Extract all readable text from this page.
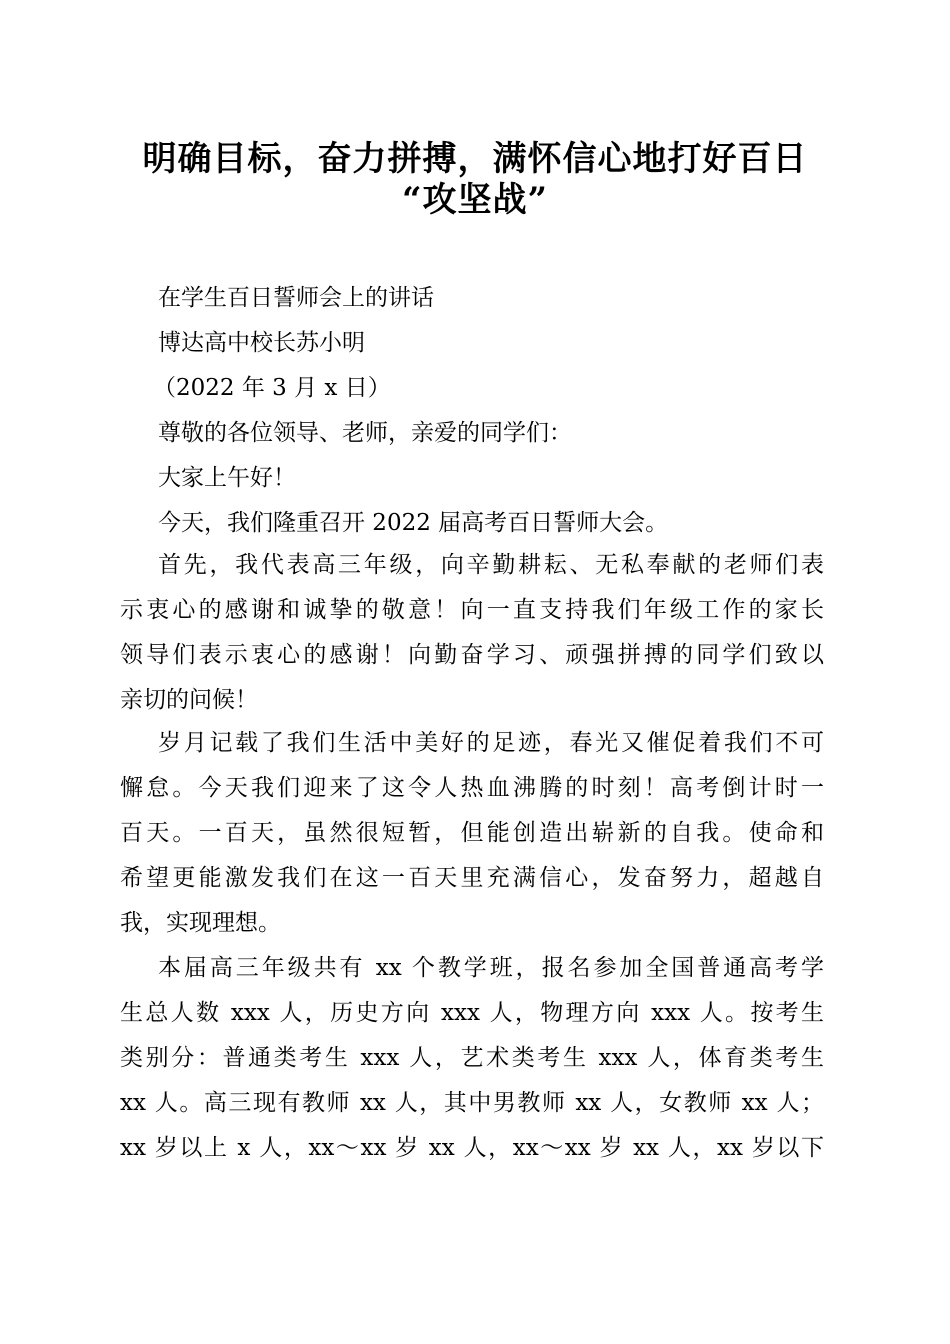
明确目标，奋力拼搏，满怀信心地打好百日
“攻坚战”
在学生百日誓师会上的讲话
博达高中校长苏小明
（2022 年 3 月 x 日）
尊敬的各位领导、老师，亲爱的同学们：
大家上午好！
今天，我们隆重召开 2022 届高考百日誓师大会。
首先，我代表高三年级，向辛勤耕耘、无私奉献的老师们表
示衷心的感谢和诚挚的敬意！向一直支持我们年级工作的家长
领导们表示衷心的感谢！向勤奋学习、顽强拼搏的同学们致以
亲切的问候！
岁月记载了我们生活中美好的足迹，春光又催促着我们不可
懈怠。今天我们迎来了这令人热血沸腾的时刻！高考倒计时一
百天。一百天，虽然很短暂，但能创造出崭新的自我。使命和
希望更能激发我们在这一百天里充满信心，发奋努力，超越自
我，实现理想。
本届高三年级共有 xx 个教学班，报名参加全国普通高考学
生总人数 xxx 人，历史方向 xxx 人，物理方向 xxx 人。按考生
类别分：普通类考生 xxx 人，艺术类考生 xxx 人，体育类考生
xx 人。高三现有教师 xx 人，其中男教师 xx 人，女教师 xx 人；
xx 岁以上 x 人，xx～xx 岁 xx 人，xx～xx 岁 xx 人，xx 岁以下
